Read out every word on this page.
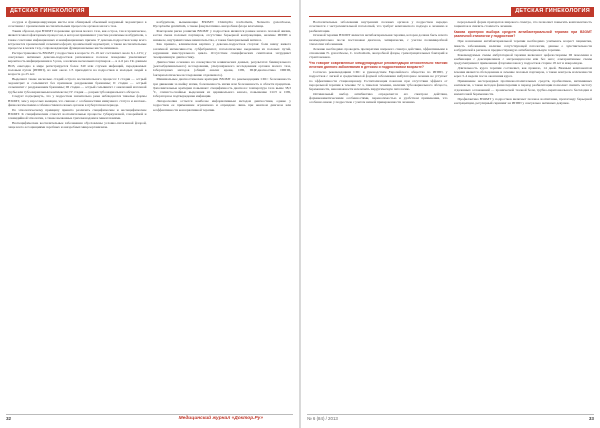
ДЕТСКАЯ ГИНЕКОЛОГИЯ

сосудов и функционирующие кисты или обширный объемный наружный эндометриоз в сочетании с хроническим воспалительным процессом органов малого таза.

Таким образом, при ВЗОМТ поражение органов малого таза, как острое, так и хроническое, является многофакторным процессом, в котором принимают участие различные возбудители, а также сочетание инфекционных и неинфекционных причин. У девочек-подростков чаще всего встречается хронический сальпингоофорит, хронический эндометрит, а также воспалительные процессы в малом тазу, сопровождающие функциональные кисты яичников.

Распространенность ВЗОМТ у подростков в возрасте 15–19 лет составляет около 6,1–12%; у сексуально активных девочек-подростков рискованное половое поведение увеличивает вероятность инфицирования в 3 раза, а наличие нескольких партнеров — в 4–6 раз. По данным ВОЗ, ежегодно в мире регистрируется более 340 млн случаев инфекций, передаваемых половым путем (ИППП), из них около 1/3 приходится на подростков и молодых людей в возрасте до 25 лет.

Выделяют также несколько стадий острого воспалительного процесса: I стадия — острый эндометрит и сальпингит без признаков раздражения брюшины; II стадия — острый сальпингит с раздражением брюшины; III стадия — острый сальпингит с окклюзией маточной трубы или тубоовариальным комплексом; IV стадия — разрыв тубоовариального абсцесса.

Следует подчеркнуть, что у подростков значительно реже наблюдаются тяжелые формы ВЗОМТ, чем у взрослых женщин, что связано с особенностями иммунного статуса и анатомо-физиологическими особенностями половых органов в пубертатном периоде.

По этиологическому принципу принято различать специфические и неспецифические ВЗОМТ. К специфическим относят воспалительные процессы туберкулезной, гонорейной и хламидийной этиологии, а также вызванные трихомонадами и микоплазмами.

Неспецифические воспалительные заболевания обусловлены условно-патогенной флорой, чаще всего ассоциациями аэробных и анаэробных микроорганизмов.

возбудители, вызывающие ВЗОМТ: Chlamydia trachomatis, Neisseria gonorrhoeae, Mycoplasma genitalium, а также факультативно-анаэробная флора влагалища.

Факторами риска развития ВЗОМТ у подростков являются раннее начало половой жизни, частая смена половых партнеров, отсутствие барьерной контрацепции, наличие ИППП в анамнезе, внутриматочные вмешательства, а также бактериальный вагиноз.

Как правило, клиническая картина у девочек-подростков стертая: боли внизу живота различной интенсивности, субфебрилитет, патологические выделения из половых путей, нарушения менструального цикла. Отсутствие специфических симптомов затрудняет своевременную диагностику.

Диагностика основана на совокупности клинических данных, результатах бимануального (ректоабдоминального) исследования, ультразвукового исследования органов малого таза, лабораторных методов (общий анализ крови, СРБ, ПЦР-диагностика ИППП, бактериологическое исследование отделяемого).

Минимальные диагностические критерии ВЗОМТ по рекомендациям CDC: болезненность при движении за шейку матки, болезненность матки или болезненность в области придатков. Дополнительные критерии повышают специфичность диагноза: температура тела выше 38,3 °C, слизисто-гнойные выделения из цервикального канала, повышение СОЭ и СРБ, лабораторное подтверждение инфекции.

Лапароскопия остается наиболее информативным методом диагностики, однако у подростков ее применение ограничено и оправдано лишь при неясном диагнозе или неэффективности консервативной терапии.

32	Медицинский журнал «Доктор.Ру»
ДЕТСКАЯ ГИНЕКОЛОГИЯ

Воспалительные заболевания внутренних половых органов у подростков нередко сочетаются с экстрагенитальной патологией, что требует комплексного подхода к лечению и реабилитации.

Основой терапии ВЗОМТ является антибактериальная терапия, которая должна быть начата незамедлительно после постановки диагноза, эмпирически, с учетом полимикробной этиологии заболевания.

Лечение необходимо проводить препаратами широкого спектра действия, эффективными в отношении N. gonorrhoeae, C. trachomatis, анаэробной флоры, грамотрицательных бактерий и стрептококков.

Что говорят современные международные рекомендации относительно тактики лечения данного заболевания в детском и подростковом возрасте?

Согласно рекомендациям CDC и руководствам Европейского общества по ИППП, у подростков с легкой и среднетяжелой формой заболевания амбулаторное лечение не уступает по эффективности стационарному. Госпитализация показана при отсутствии эффекта от пероральной терапии в течение 72 ч, тяжелом течении, наличии тубоовариального абсцесса, беременности, невозможности исключить хирургическую патологию.

Оптимальный выбор антибиотика определяется его спектром действия, фармакокинетическими особенностями, переносимостью и удобством применения, что особенно важно у подростков с учетом низкой приверженности лечению.

пероральной форме препаратов широкого спектра, что позволяет повысить комплаентность пациенток и снизить стоимость лечения.

Какова критерии выбора средств антибактериальной терапии при ВЗОМТ различной этиологии у подростков?

При назначении антибактериальной терапии необходимо учитывать возраст пациентки, тяжесть заболевания, наличие сопутствующей патологии, данные о чувствительности возбудителей в регионе и предшествующую антибактериальную терапию.

Рекомендуемые схемы амбулаторной терапии включают цефалоспорины III поколения в комбинации с доксициклином с метронидазолом или без него; альтернативные схемы предусматривают применение фторхинолонов у подростков старше 18 лет и макролидов.

Длительность курса терапии составляет, как правило, 14 дней. Важным компонентом лечения является обследование и лечение половых партнеров, а также контроль излеченности через 3–4 недели после окончания курса.

Применение нестероидных противовоспалительных средств, пробиотиков, витаминных комплексов, а также методов физиотерапии в период реабилитации позволяет снизить частоту отдаленных осложнений — хронической тазовой боли, трубно-перитонеального бесплодия и внематочной беременности.

Профилактика ВЗОМТ у подростков включает половое воспитание, пропаганду барьерной контрацепции, регулярный скрининг на ИППП у сексуально активных девушек.

№ 6 (84) / 2013	33
